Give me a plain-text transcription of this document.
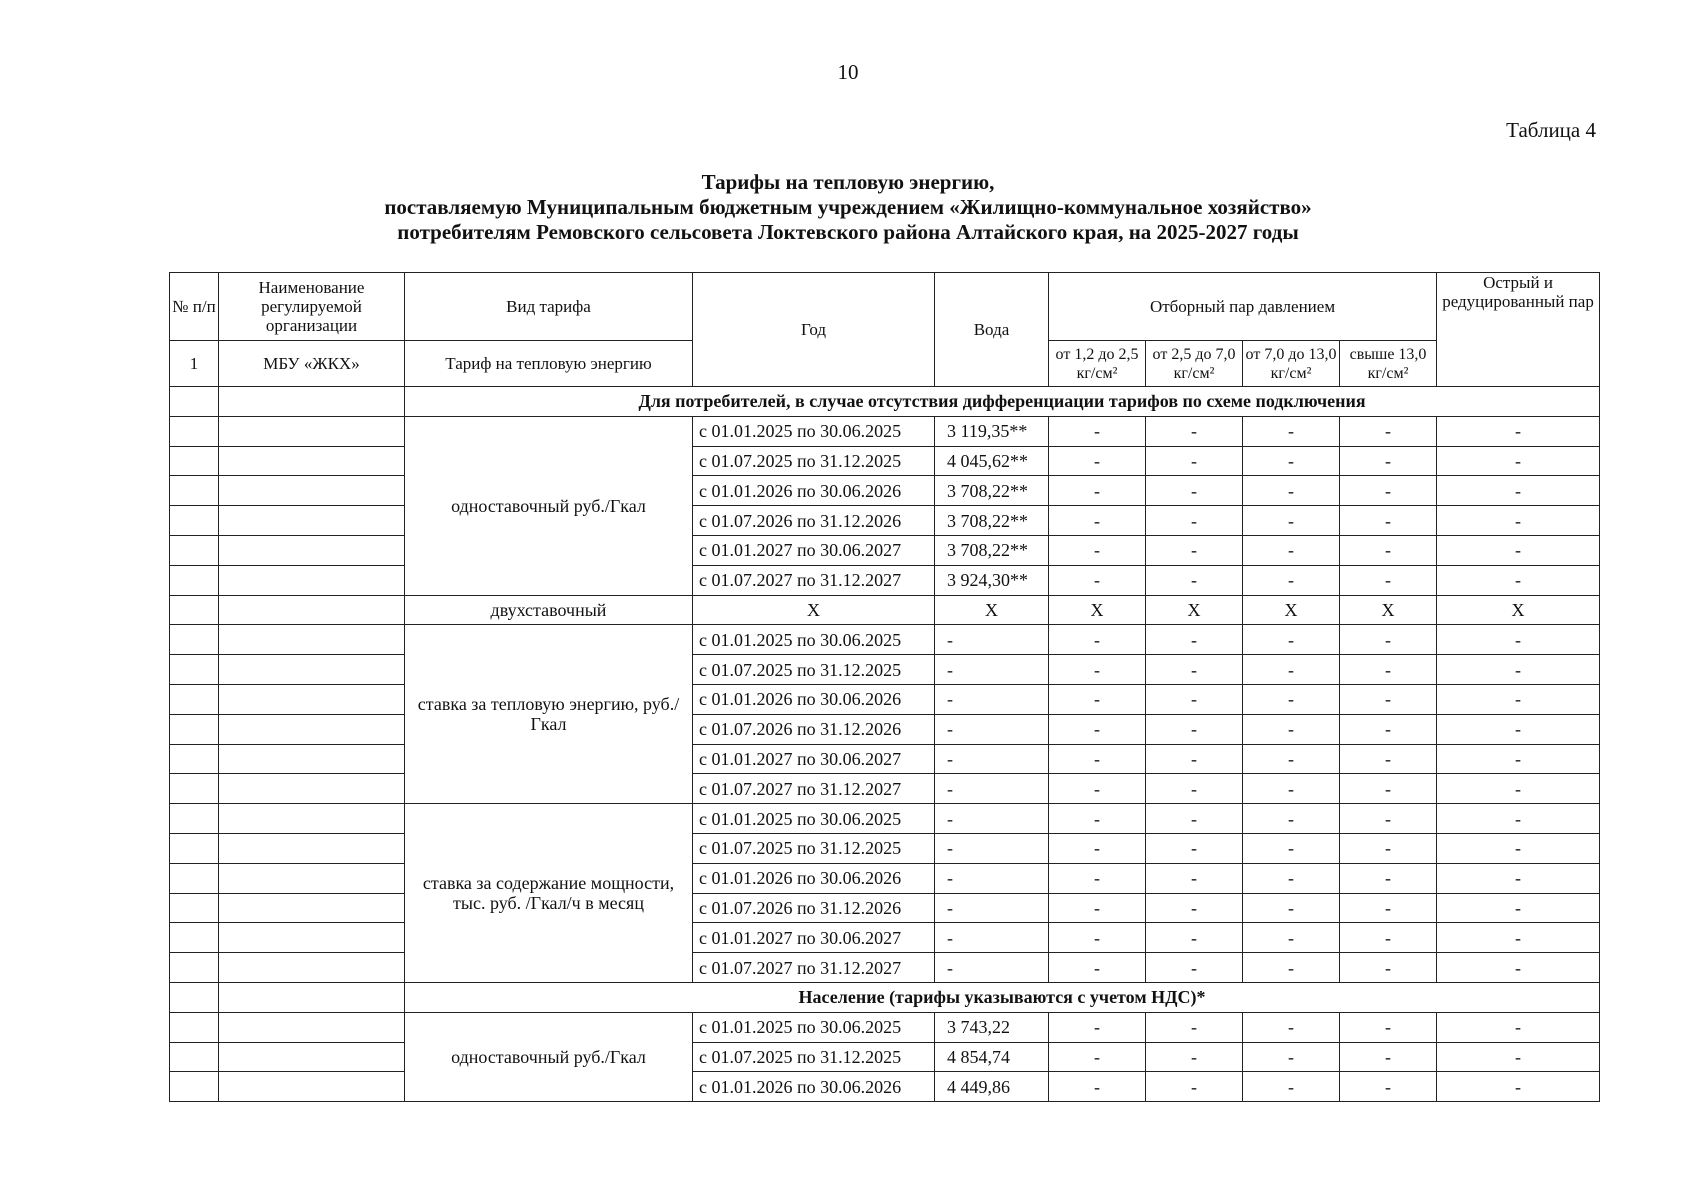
10
Таблица 4
Тарифы на тепловую энергию,
поставляемую Муниципальным бюджетным учреждением «Жилищно-коммунальное хозяйство»
потребителям Ремовского сельсовета Локтевского района Алтайского края, на 2025-2027 годы
№ п/п	Наименование регулируемой организации	Вид тарифа	Год	Вода	Отборный пар давлением				Острый и редуцированный пар
1	МБУ «ЖКХ»	Тариф на тепловую энергию			от 1,2 до 2,5 кг/см²	от 2,5 до 7,0 кг/см²	от 7,0 до 13,0 кг/см²	свыше 13,0 кг/см²	
		Для потребителей, в случае отсутствия дифференциации тарифов по схеме подключения							
		одноставочный руб./Гкал	с 01.01.2025 по 30.06.2025	3 119,35**	-	-	-	-	-
			с 01.07.2025 по 31.12.2025	4 045,62**	-	-	-	-	-
			с 01.01.2026 по 30.06.2026	3 708,22**	-	-	-	-	-
			с 01.07.2026 по 31.12.2026	3 708,22**	-	-	-	-	-
			с 01.01.2027 по 30.06.2027	3 708,22**	-	-	-	-	-
			с 01.07.2027 по 31.12.2027	3 924,30**	-	-	-	-	-
		двухставочный	Х	Х	Х	Х	Х	Х	Х
		ставка за тепловую энергию, руб./Гкал	с 01.01.2025 по 30.06.2025	-	-	-	-	-	-
			с 01.07.2025 по 31.12.2025	-	-	-	-	-	-
			с 01.01.2026 по 30.06.2026	-	-	-	-	-	-
			с 01.07.2026 по 31.12.2026	-	-	-	-	-	-
			с 01.01.2027 по 30.06.2027	-	-	-	-	-	-
			с 01.07.2027 по 31.12.2027	-	-	-	-	-	-
		ставка за содержание мощности, тыс. руб. /Гкал/ч в месяц	с 01.01.2025 по 30.06.2025	-	-	-	-	-	-
			с 01.07.2025 по 31.12.2025	-	-	-	-	-	-
			с 01.01.2026 по 30.06.2026	-	-	-	-	-	-
			с 01.07.2026 по 31.12.2026	-	-	-	-	-	-
			с 01.01.2027 по 30.06.2027	-	-	-	-	-	-
			с 01.07.2027 по 31.12.2027	-	-	-	-	-	-
		Население (тарифы указываются с учетом НДС)*							
		одноставочный руб./Гкал	с 01.01.2025 по 30.06.2025	3 743,22	-	-	-	-	-
			с 01.07.2025 по 31.12.2025	4 854,74	-	-	-	-	-
			с 01.01.2026 по 30.06.2026	4 449,86	-	-	-	-	-
